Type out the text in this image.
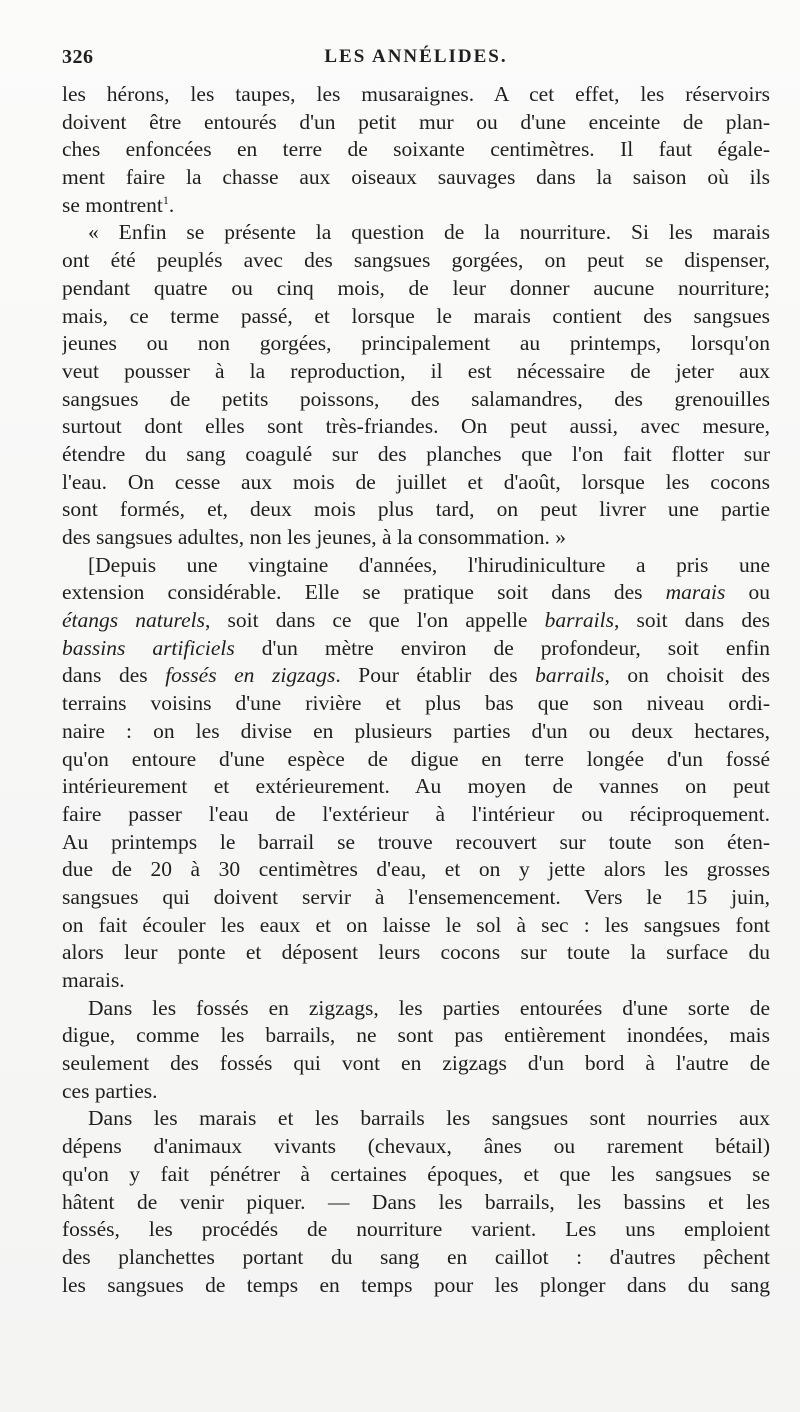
326	LES ANNÉLIDES.
les hérons, les taupes, les musaraignes. A cet effet, les réservoirs
doivent être entourés d'un petit mur ou d'une enceinte de plan-
ches enfoncées en terre de soixante centimètres. Il faut égale-
ment faire la chasse aux oiseaux sauvages dans la saison où ils
se montrent$^1$.
« Enfin se présente la question de la nourriture. Si les marais
ont été peuplés avec des sangsues gorgées, on peut se dispenser,
pendant quatre ou cinq mois, de leur donner aucune nourriture;
mais, ce terme passé, et lorsque le marais contient des sangsues
jeunes ou non gorgées, principalement au printemps, lorsqu'on
veut pousser à la reproduction, il est nécessaire de jeter aux
sangsues de petits poissons, des salamandres, des grenouilles
surtout dont elles sont très-friandes. On peut aussi, avec mesure,
étendre du sang coagulé sur des planches que l'on fait flotter sur
l'eau. On cesse aux mois de juillet et d'août, lorsque les cocons
sont formés, et, deux mois plus tard, on peut livrer une partie
des sangsues adultes, non les jeunes, à la consommation. »
[Depuis une vingtaine d'années, l'hirudiniculture a pris une
extension considérable. Elle se pratique soit dans des marais ou
étangs naturels, soit dans ce que l'on appelle barrails, soit dans des
bassins artificiels d'un mètre environ de profondeur, soit enfin
dans des fossés en zigzags. Pour établir des barrails, on choisit des
terrains voisins d'une rivière et plus bas que son niveau ordi-
naire : on les divise en plusieurs parties d'un ou deux hectares,
qu'on entoure d'une espèce de digue en terre longée d'un fossé
intérieurement et extérieurement. Au moyen de vannes on peut
faire passer l'eau de l'extérieur à l'intérieur ou réciproquement.
Au printemps le barrail se trouve recouvert sur toute son éten-
due de 20 à 30 centimètres d'eau, et on y jette alors les grosses
sangsues qui doivent servir à l'ensemencement. Vers le 15 juin,
on fait écouler les eaux et on laisse le sol à sec : les sangsues font
alors leur ponte et déposent leurs cocons sur toute la surface du
marais.
Dans les fossés en zigzags, les parties entourées d'une sorte de
digue, comme les barrails, ne sont pas entièrement inondées, mais
seulement des fossés qui vont en zigzags d'un bord à l'autre de
ces parties.
Dans les marais et les barrails les sangsues sont nourries aux
dépens d'animaux vivants (chevaux, ânes ou rarement bétail)
qu'on y fait pénétrer à certaines époques, et que les sangsues se
hâtent de venir piquer. — Dans les barrails, les bassins et les
fossés, les procédés de nourriture varient. Les uns emploient
des planchettes portant du sang en caillot : d'autres pêchent
les sangsues de temps en temps pour les plonger dans du sang
